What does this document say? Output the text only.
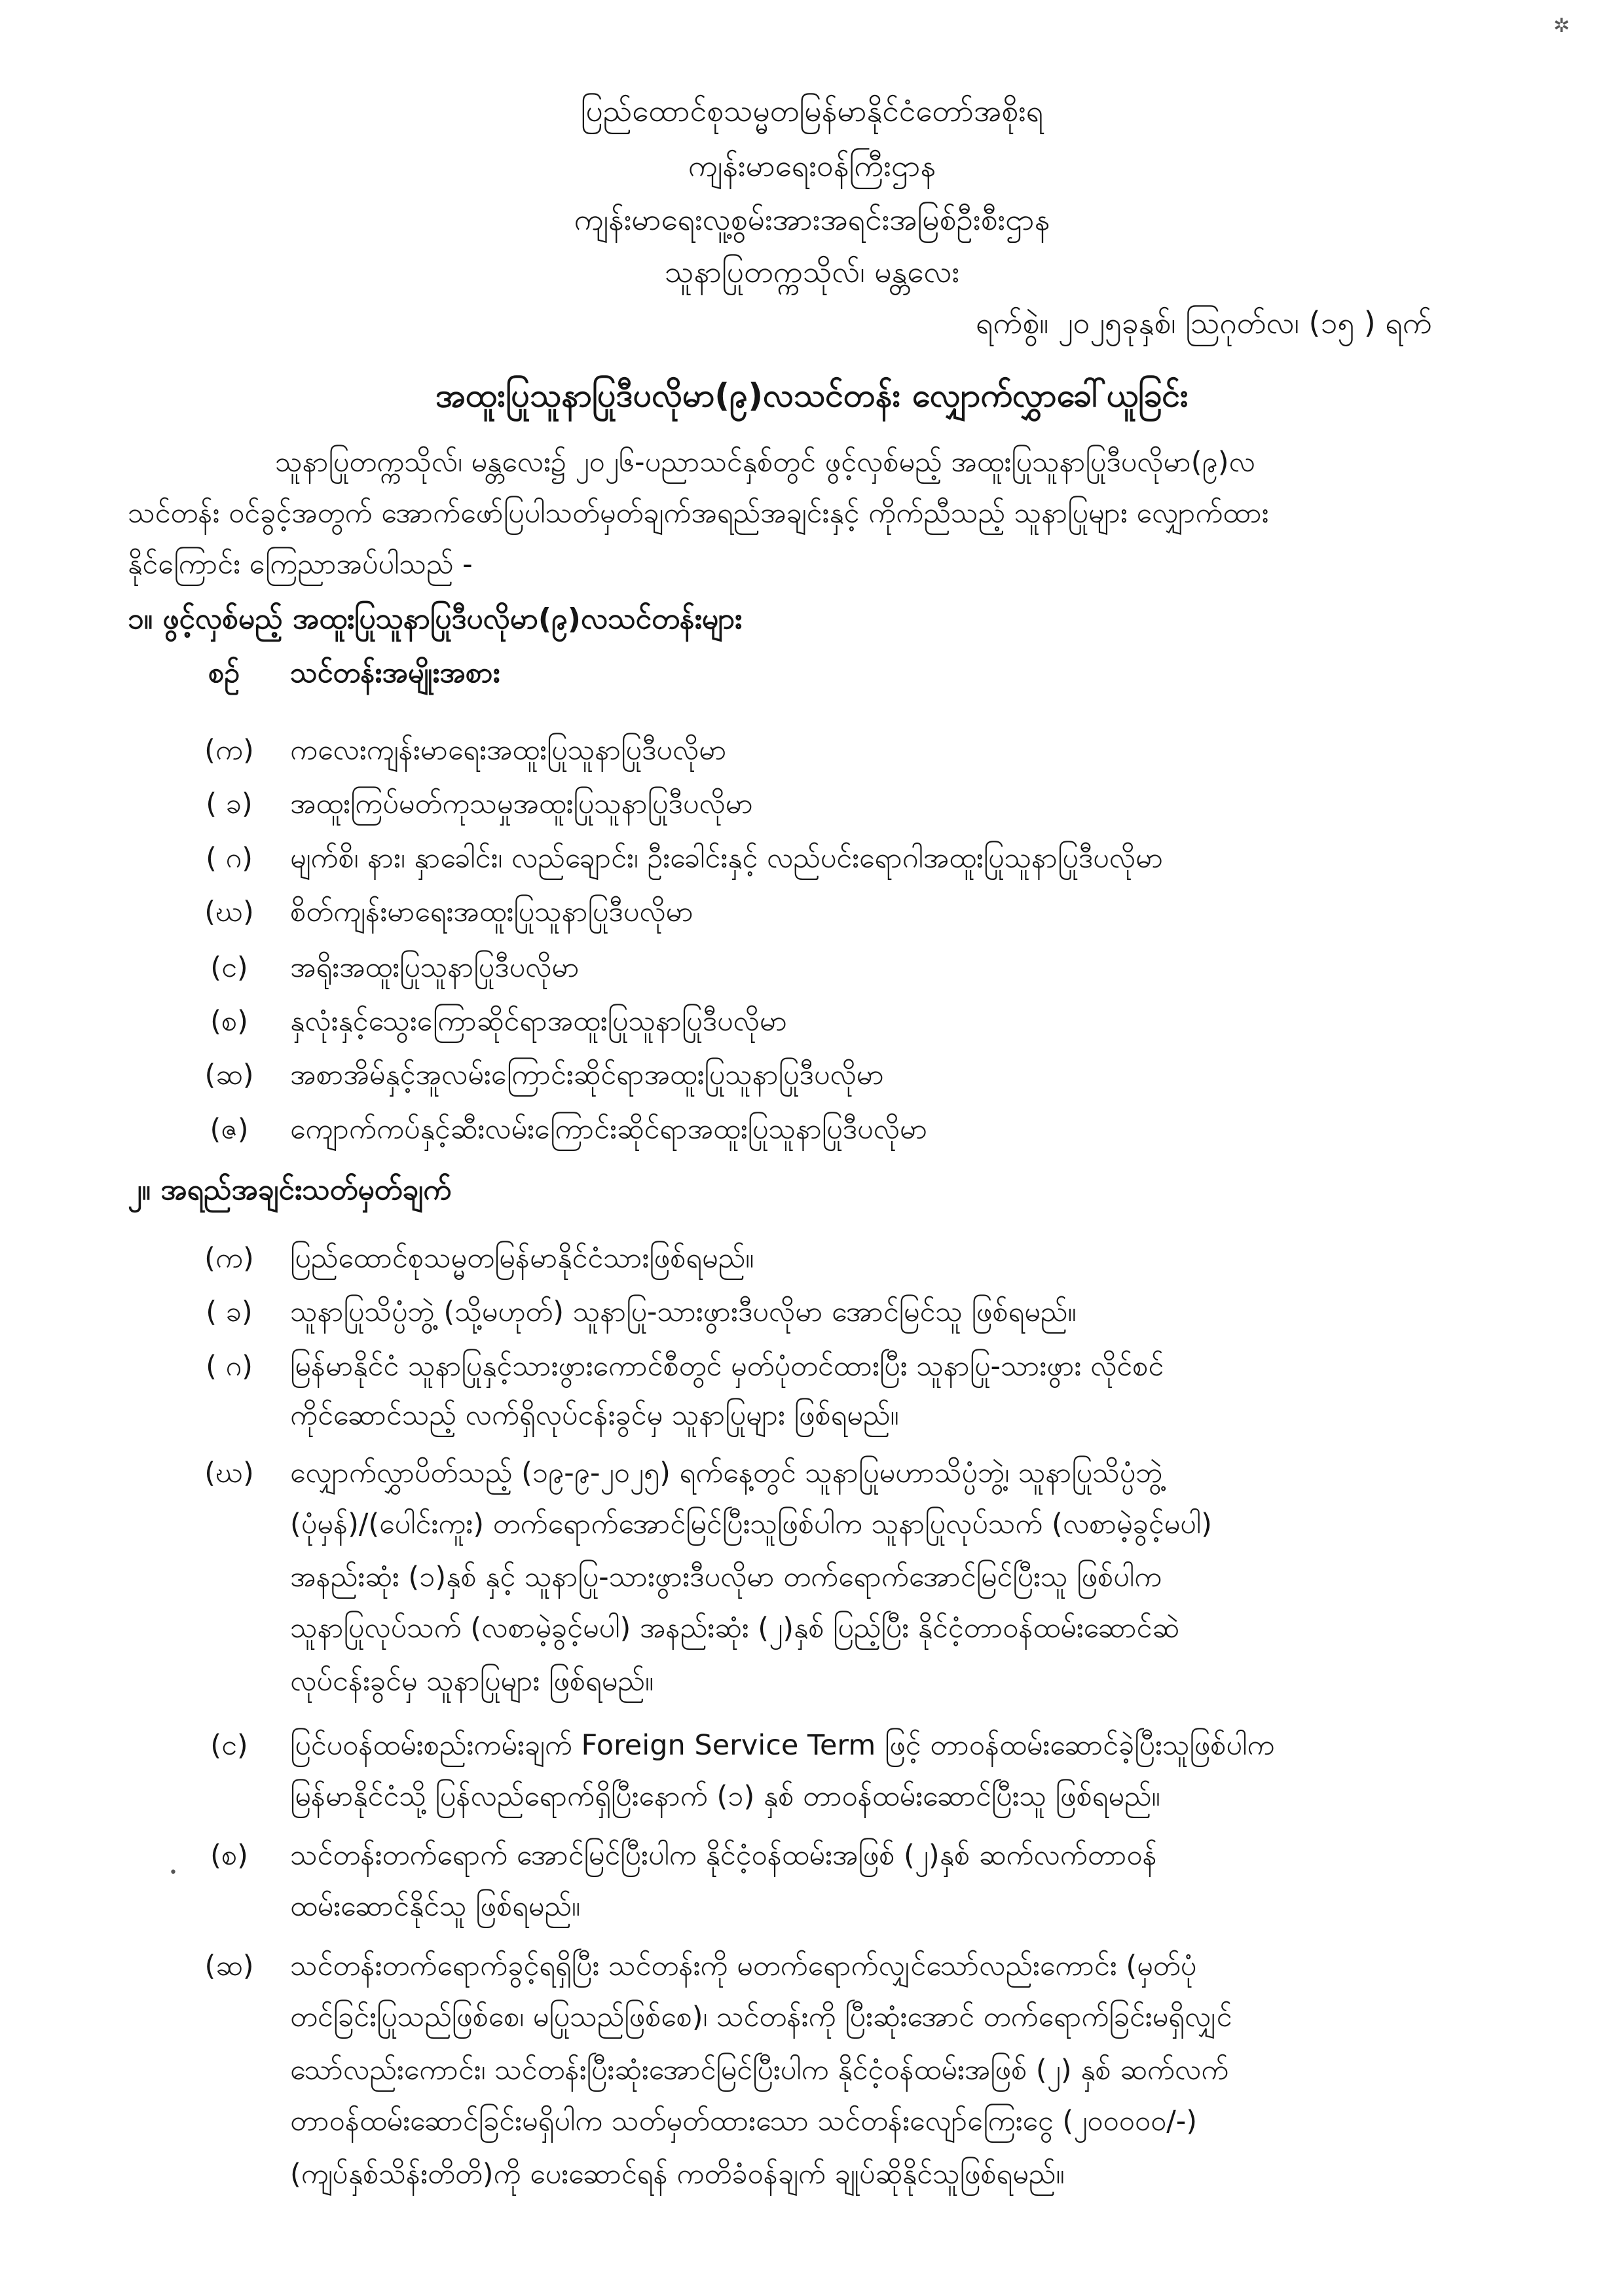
✲
•
ပြည်ထောင်စုသမ္မတမြန်မာနိုင်ငံတော်အစိုးရ
ကျန်းမာရေးဝန်ကြီးဌာန
ကျန်းမာရေးလူ့စွမ်းအားအရင်းအမြစ်ဦးစီးဌာန
သူနာပြုတက္ကသိုလ်၊ မန္တလေး
ရက်စွဲ။ ၂၀၂၅ခုနှစ်၊ ဩဂုတ်လ၊ (၁၅ ) ရက်
အထူးပြုသူနာပြုဒီပလိုမာ(၉)လသင်တန်း လျှောက်လွှာခေါ်ယူခြင်း
သူနာပြုတက္ကသိုလ်၊ မန္တလေး၌ ၂၀၂၆-ပညာသင်နှစ်တွင် ဖွင့်လှစ်မည့် အထူးပြုသူနာပြုဒီပလိုမာ(၉)လ
သင်တန်း ဝင်ခွင့်အတွက် အောက်ဖော်ပြပါသတ်မှတ်ချက်အရည်အချင်းနှင့် ကိုက်ညီသည့် သူနာပြုများ လျှောက်ထား
နိုင်ကြောင်း ကြေညာအပ်ပါသည် -
၁။ ဖွင့်လှစ်မည့် အထူးပြုသူနာပြုဒီပလိုမာ(၉)လသင်တန်းများ
စဉ် သင်တန်းအမျိုးအစား
(က)	ကလေးကျန်းမာရေးအထူးပြုသူနာပြုဒီပလိုမာ
( ခ)	အထူးကြပ်မတ်ကုသမှုအထူးပြုသူနာပြုဒီပလိုမာ
( ဂ)	မျက်စိ၊ နား၊ နှာခေါင်း၊ လည်ချောင်း၊ ဦးခေါင်းနှင့် လည်ပင်းရောဂါအထူးပြုသူနာပြုဒီပလိုမာ
(ဃ)	စိတ်ကျန်းမာရေးအထူးပြုသူနာပြုဒီပလိုမာ
(င)	အရိုးအထူးပြုသူနာပြုဒီပလိုမာ
(စ)	နှလုံးနှင့်သွေးကြောဆိုင်ရာအထူးပြုသူနာပြုဒီပလိုမာ
(ဆ)	အစာအိမ်နှင့်အူလမ်းကြောင်းဆိုင်ရာအထူးပြုသူနာပြုဒီပလိုမာ
(ဇ)	ကျောက်ကပ်နှင့်ဆီးလမ်းကြောင်းဆိုင်ရာအထူးပြုသူနာပြုဒီပလိုမာ
၂။ အရည်အချင်းသတ်မှတ်ချက်
(က)	ပြည်ထောင်စုသမ္မတမြန်မာနိုင်ငံသားဖြစ်ရမည်။
( ခ)	သူနာပြုသိပ္ပံဘွဲ့ (သို့မဟုတ်) သူနာပြု-သားဖွားဒီပလိုမာ အောင်မြင်သူ ဖြစ်ရမည်။
( ဂ)	မြန်မာနိုင်ငံ သူနာပြုနှင့်သားဖွားကောင်စီတွင် မှတ်ပုံတင်ထားပြီး သူနာပြု-သားဖွား လိုင်စင်
ကိုင်ဆောင်သည့် လက်ရှိလုပ်ငန်းခွင်မှ သူနာပြုများ ဖြစ်ရမည်။
(ဃ)	လျှောက်လွှာပိတ်သည့် (၁၉-၉-၂၀၂၅) ရက်နေ့တွင် သူနာပြုမဟာသိပ္ပံဘွဲ့၊ သူနာပြုသိပ္ပံဘွဲ့
(ပုံမှန်)/(ပေါင်းကူး) တက်ရောက်အောင်မြင်ပြီးသူဖြစ်ပါက သူနာပြုလုပ်သက် (လစာမဲ့ခွင့်မပါ)
အနည်းဆုံး (၁)နှစ် နှင့် သူနာပြု-သားဖွားဒီပလိုမာ တက်ရောက်အောင်မြင်ပြီးသူ ဖြစ်ပါက
သူနာပြုလုပ်သက် (လစာမဲ့ခွင့်မပါ) အနည်းဆုံး (၂)နှစ် ပြည့်ပြီး နိုင်ငံ့တာဝန်ထမ်းဆောင်ဆဲ
လုပ်ငန်းခွင်မှ သူနာပြုများ ဖြစ်ရမည်။
(င)	ပြင်ပဝန်ထမ်းစည်းကမ်းချက် Foreign Service Term ဖြင့် တာဝန်ထမ်းဆောင်ခဲ့ပြီးသူဖြစ်ပါက
မြန်မာနိုင်ငံသို့ ပြန်လည်ရောက်ရှိပြီးနောက် (၁) နှစ် တာဝန်ထမ်းဆောင်ပြီးသူ ဖြစ်ရမည်။
(စ)	သင်တန်းတက်ရောက် အောင်မြင်ပြီးပါက နိုင်ငံ့ဝန်ထမ်းအဖြစ် (၂)နှစ် ဆက်လက်တာဝန်
ထမ်းဆောင်နိုင်သူ ဖြစ်ရမည်။
(ဆ)	သင်တန်းတက်ရောက်ခွင့်ရရှိပြီး သင်တန်းကို မတက်ရောက်လျှင်သော်လည်းကောင်း (မှတ်ပုံ
တင်ခြင်းပြုသည်ဖြစ်စေ၊ မပြုသည်ဖြစ်စေ)၊ သင်တန်းကို ပြီးဆုံးအောင် တက်ရောက်ခြင်းမရှိလျှင်
သော်လည်းကောင်း၊ သင်တန်းပြီးဆုံးအောင်မြင်ပြီးပါက နိုင်ငံ့ဝန်ထမ်းအဖြစ် (၂) နှစ် ဆက်လက်
တာဝန်ထမ်းဆောင်ခြင်းမရှိပါက သတ်မှတ်ထားသော သင်တန်းလျော်ကြေးငွေ (၂၀၀၀၀၀/-)
(ကျပ်နှစ်သိန်းတိတိ)ကို ပေးဆောင်ရန် ကတိခံဝန်ချက် ချုပ်ဆိုနိုင်သူဖြစ်ရမည်။
